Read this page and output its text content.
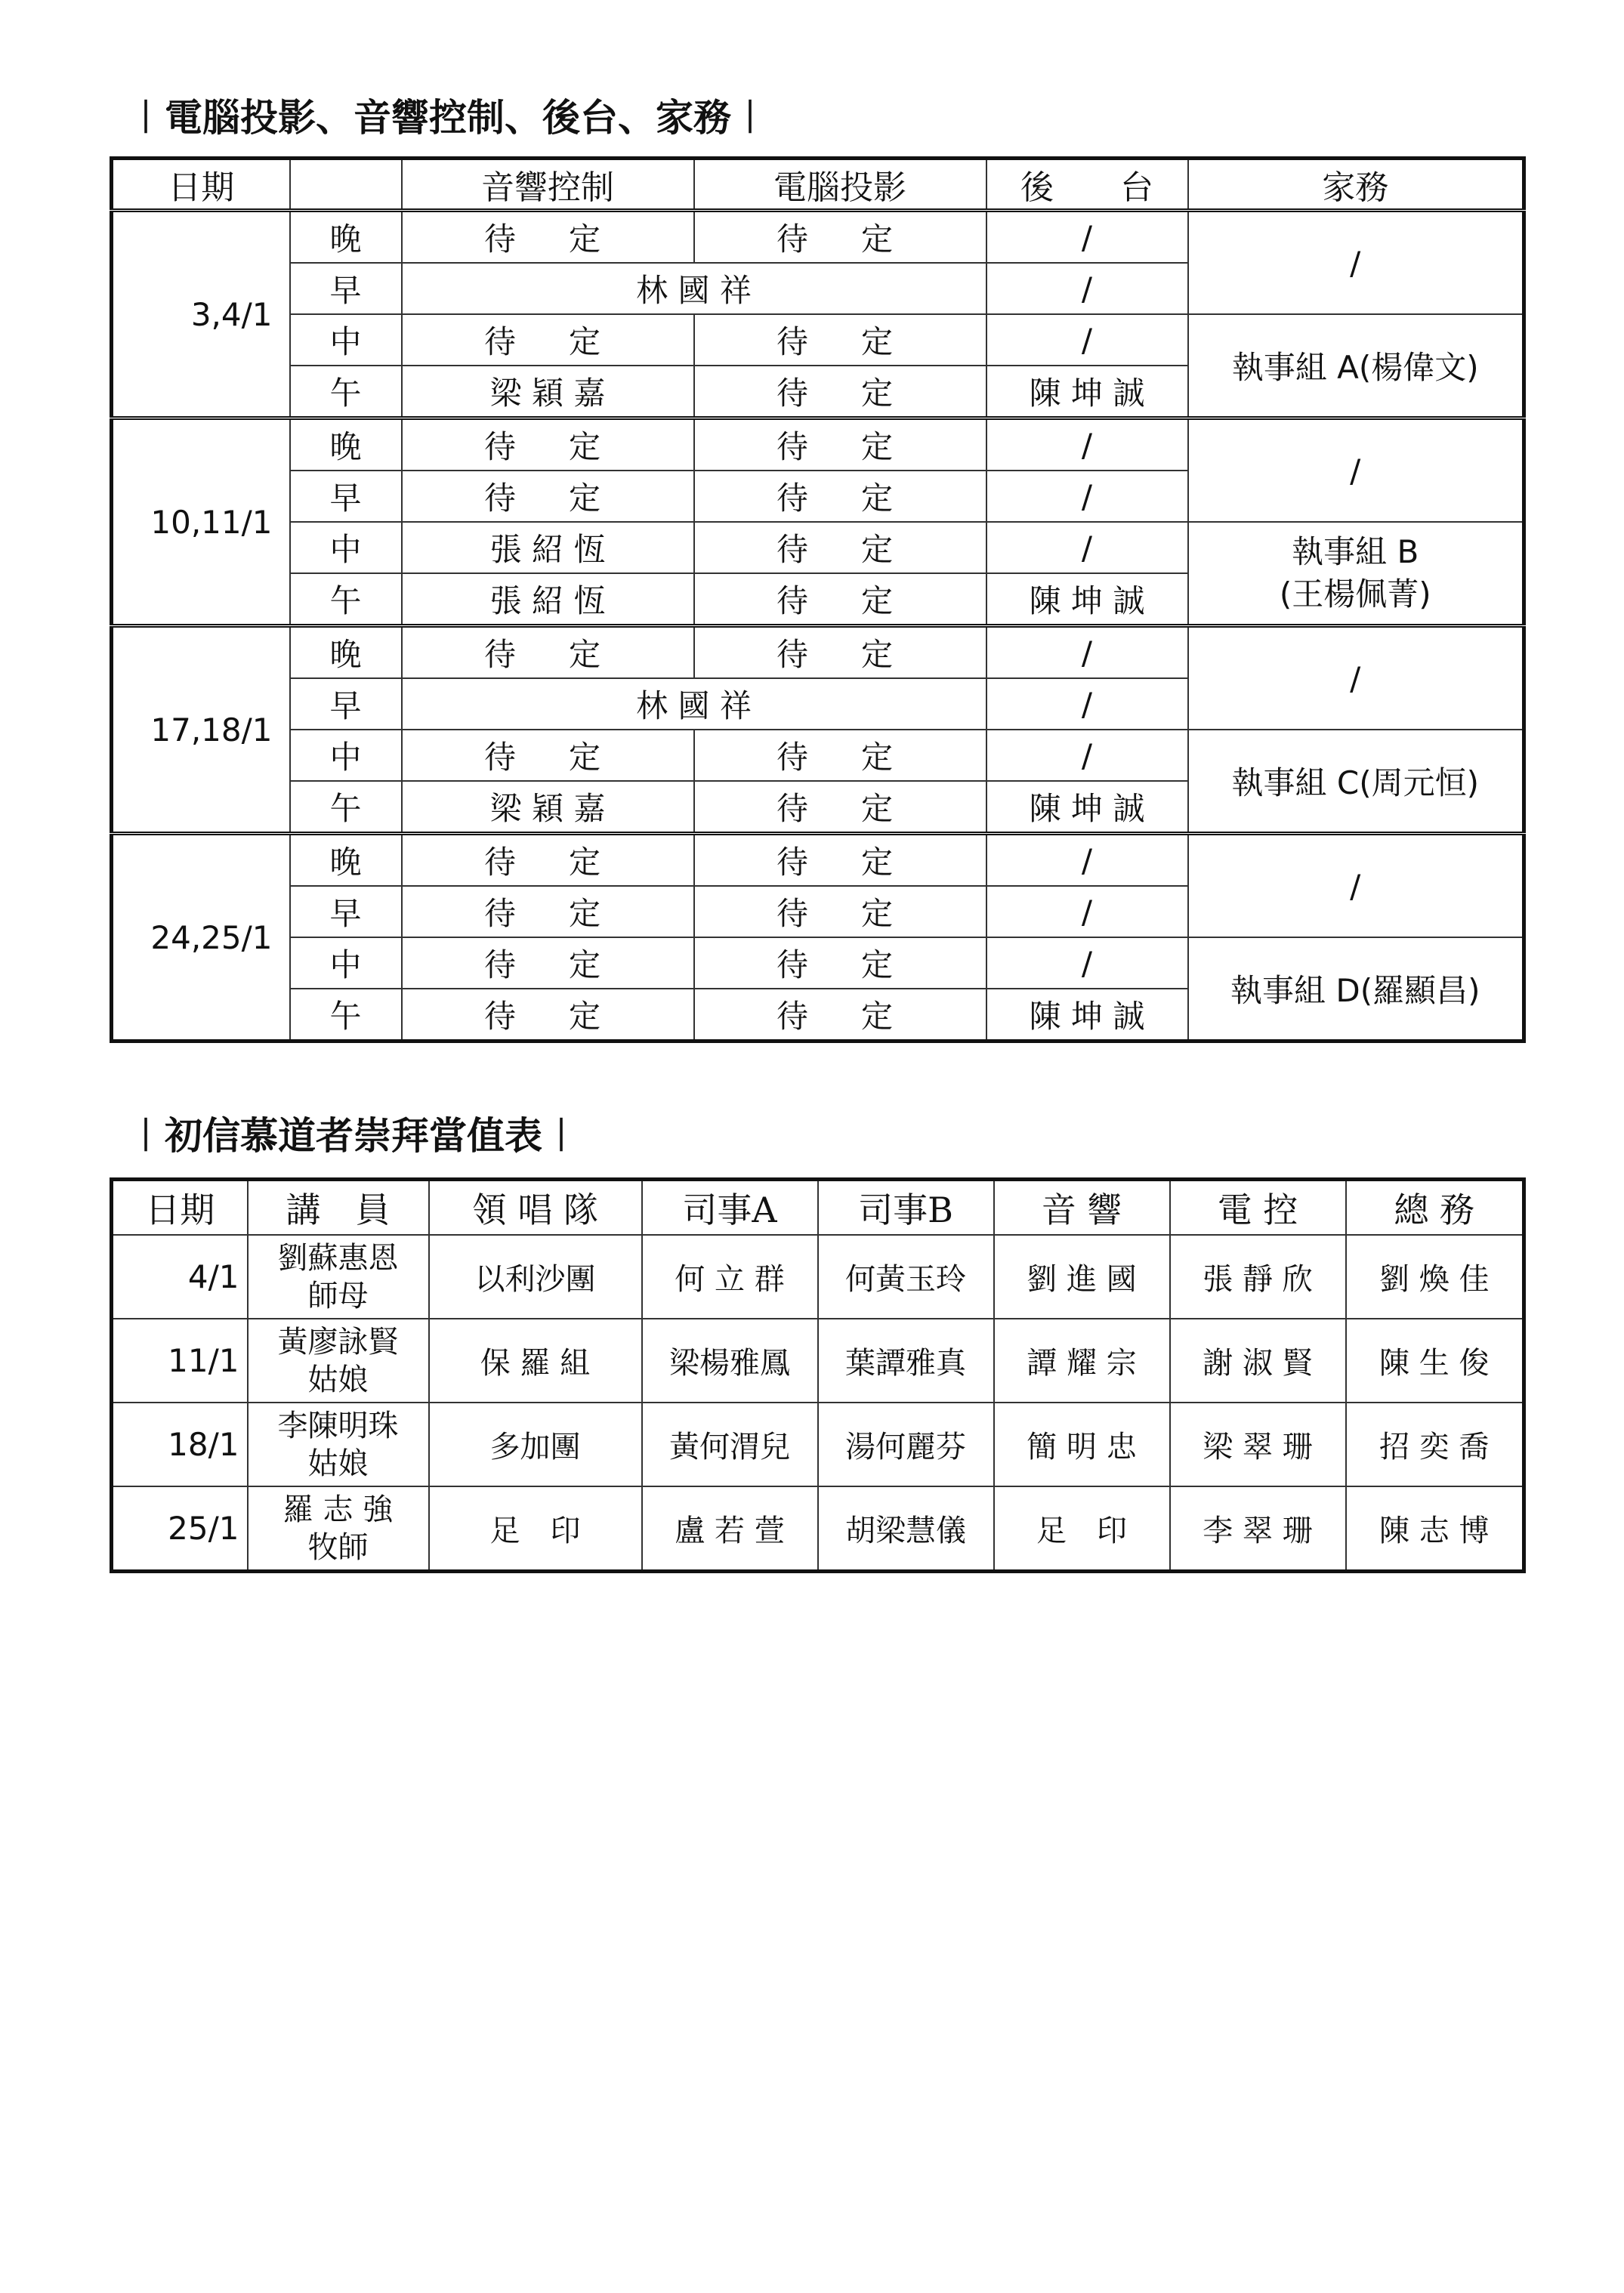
︱電腦投影、音響控制、後台、家務︱
日期		音響控制	電腦投影	後　　台	家務
3,4/1	晚	待　定	待　定	/	/
	早	林 國 祥		/	
	中	待　定	待　定	/	執事組 A(楊偉文)
	午	梁 穎 嘉	待　定	陳 坤 誠	
10,11/1	晚	待　定	待　定	/	/
	早	待　定	待　定	/	
	中	張 紹 恆	待　定	/	執事組 B
(王楊佩菁)

	午	張 紹 恆	待　定	陳 坤 誠	
17,18/1	晚	待　定	待　定	/	/
	早	林 國 祥		/	
	中	待　定	待　定	/	執事組 C(周元恒)
	午	梁 穎 嘉	待　定	陳 坤 誠	
24,25/1	晚	待　定	待　定	/	/
	早	待　定	待　定	/	
	中	待　定	待　定	/	執事組 D(羅顯昌)
	午	待　定	待　定	陳 坤 誠	
︱初信慕道者崇拜當值表︱
日期	講　員	領 唱 隊	司事A	司事B	音 響	電 控	總 務
4/1	劉蘇惠恩
師母	以利沙團	何 立 群	何黃玉玲	劉 進 國	張 靜 欣	劉 煥 佳
11/1	黃廖詠賢
姑娘	保 羅 組	梁楊雅鳳	葉譚雅真	譚 耀 宗	謝 淑 賢	陳 生 俊
18/1	李陳明珠
姑娘	多加團	黃何渭兒	湯何麗芬	簡 明 忠	梁 翠 珊	招 奕 喬
25/1	羅 志 強
牧師	足　印	盧 若 萱	胡梁慧儀	足　印	李 翠 珊	陳 志 博
